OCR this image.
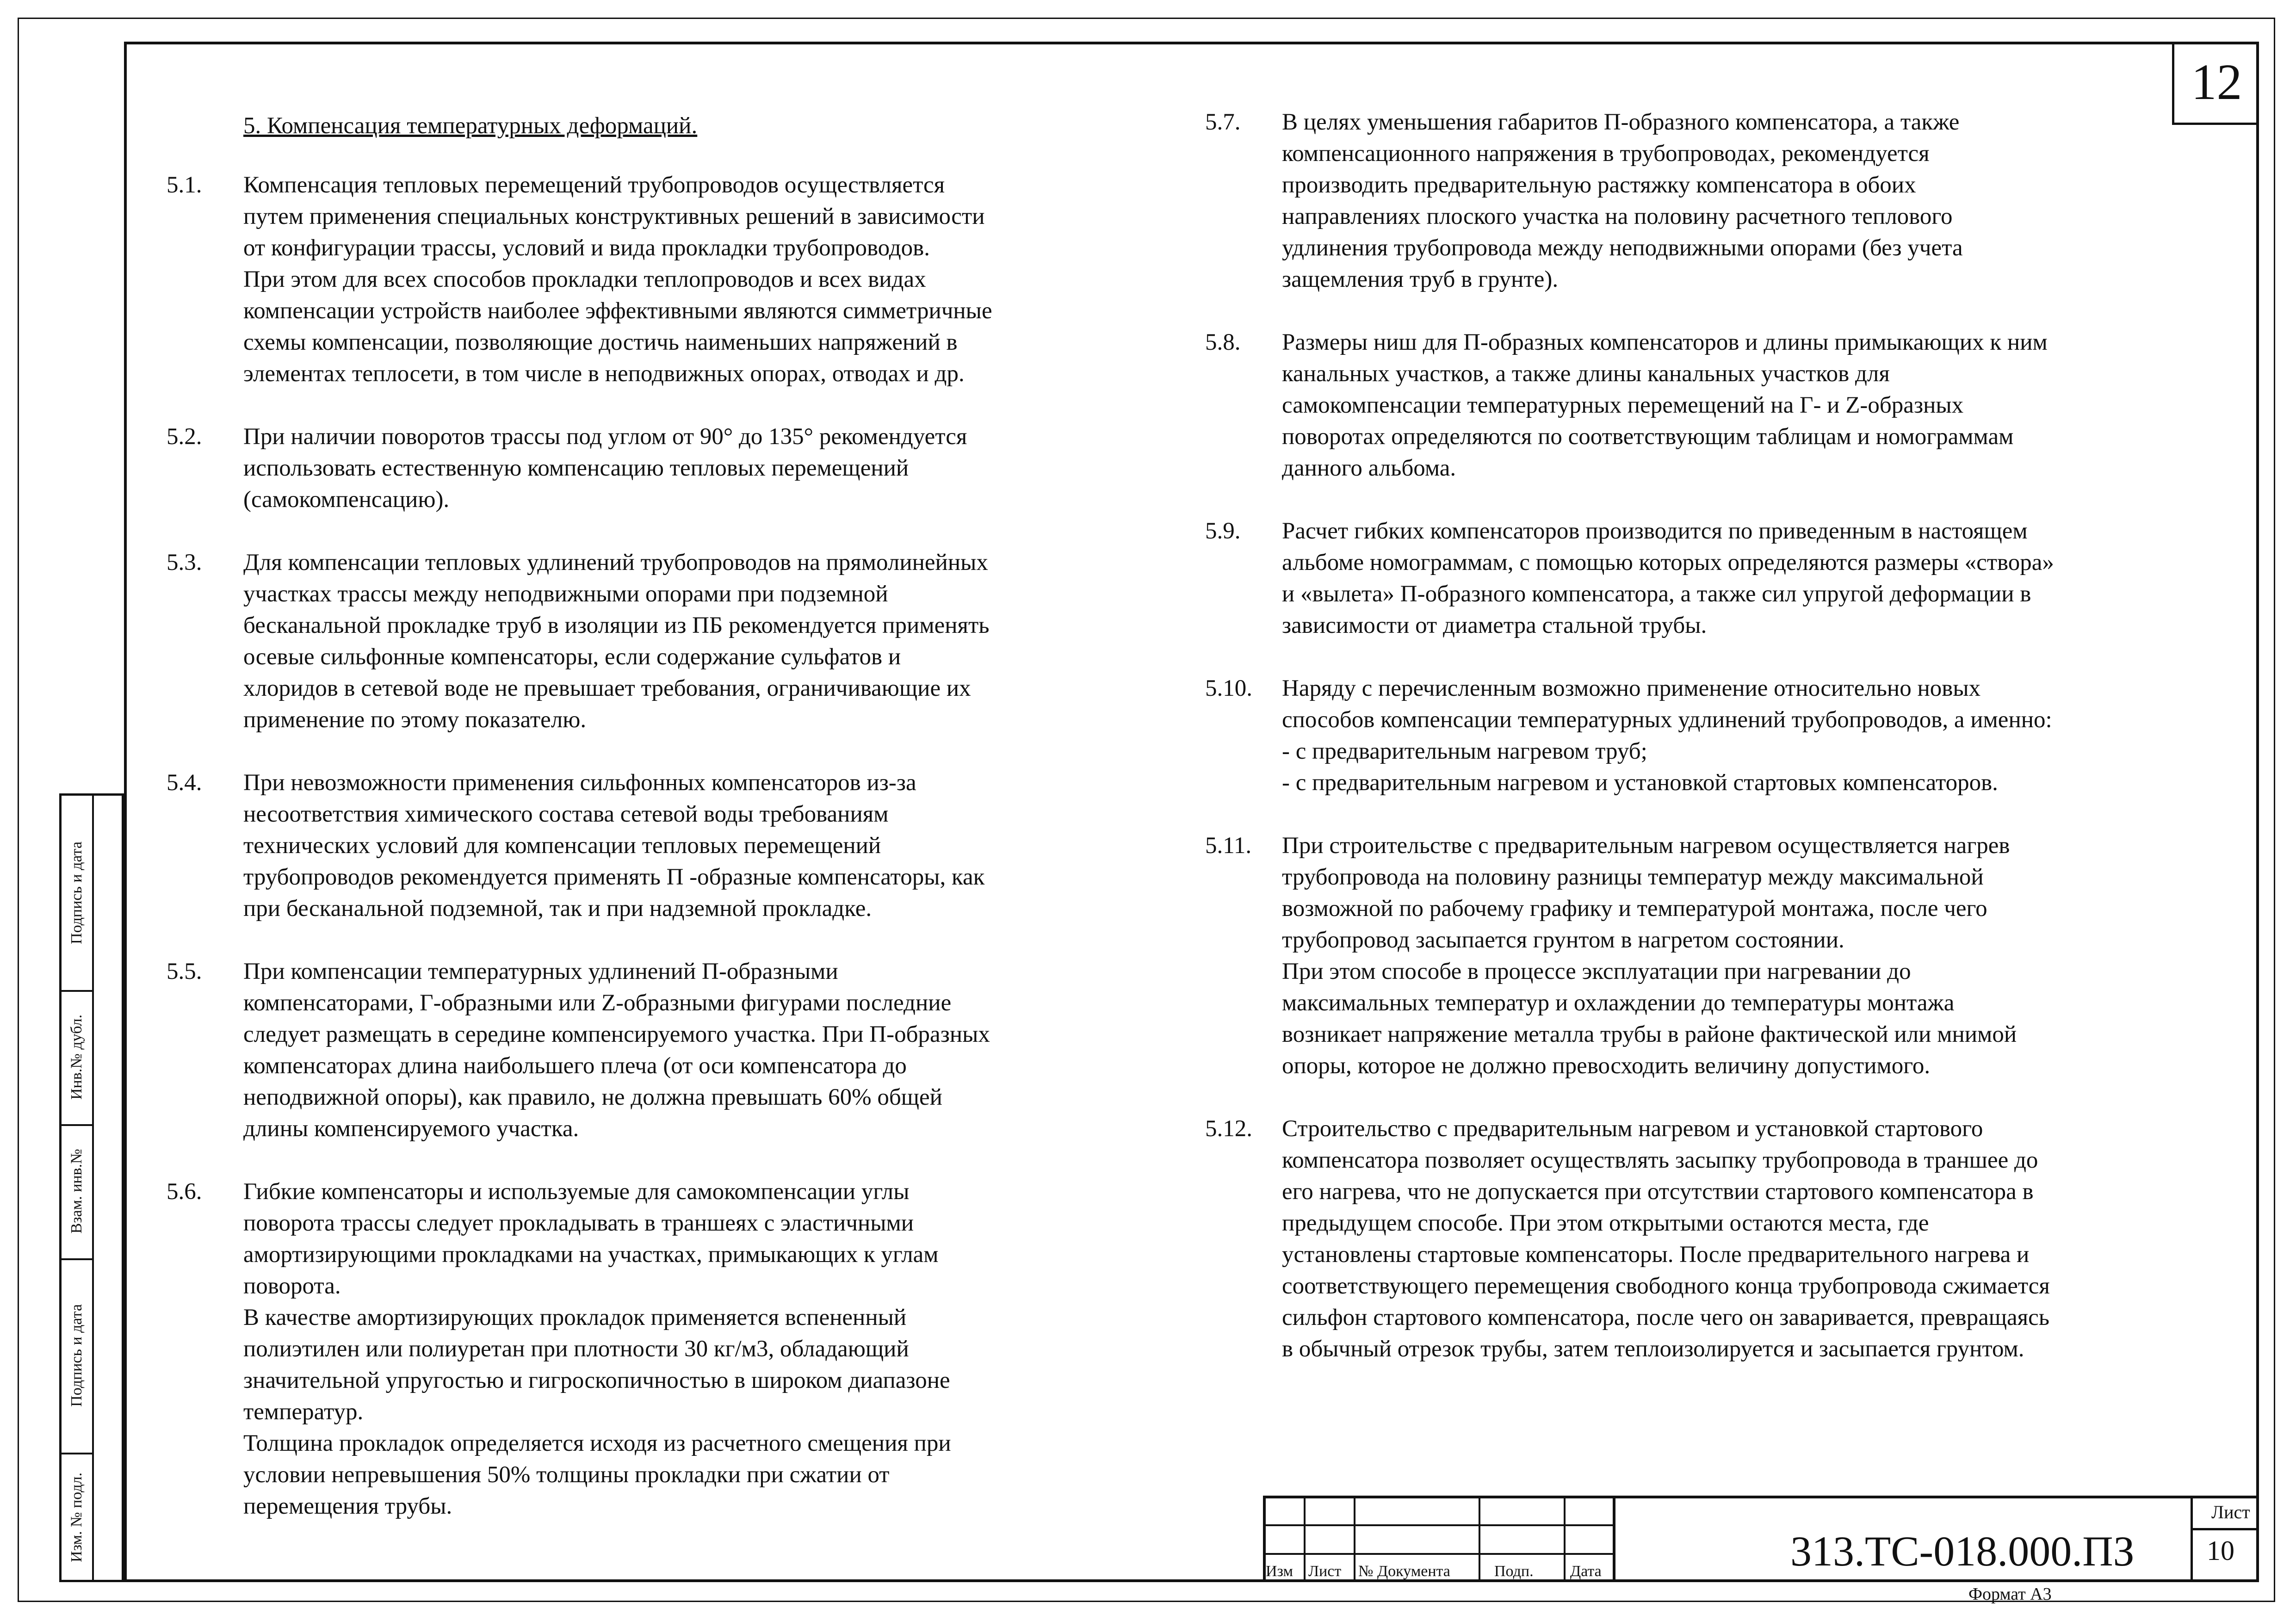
12
5. Компенсация температурных деформаций.
5.1. Компенсация тепловых перемещений трубопроводов осуществляется
путем применения специальных конструктивных решений в зависимости
от конфигурации трассы, условий и вида прокладки трубопроводов.
При этом для всех способов прокладки теплопроводов и всех видах
компенсации устройств наиболее эффективными являются симметричные
схемы компенсации, позволяющие достичь наименьших напряжений в
элементах теплосети, в том числе в неподвижных опорах, отводах и др.
5.2. При наличии поворотов трассы под углом от 90° до 135° рекомендуется
использовать естественную компенсацию тепловых перемещений
(самокомпенсацию).
5.3. Для компенсации тепловых удлинений трубопроводов на прямолинейных
участках трассы между неподвижными опорами при подземной
бесканальной прокладке труб в изоляции из ПБ рекомендуется применять
осевые сильфонные компенсаторы, если содержание сульфатов и
хлоридов в сетевой воде не превышает требования, ограничивающие их
применение по этому показателю.
5.4. При невозможности применения сильфонных компенсаторов из-за
несоответствия химического состава сетевой воды требованиям
технических условий для компенсации тепловых перемещений
трубопроводов рекомендуется применять П -образные компенсаторы, как
при бесканальной подземной, так и при надземной прокладке.
5.5. При компенсации температурных удлинений П-образными
компенсаторами, Г-образными или Z-образными фигурами последние
следует размещать в середине компенсируемого участка. При П-образных
компенсаторах длина наибольшего плеча (от оси компенсатора до
неподвижной опоры), как правило, не должна превышать 60% общей
длины компенсируемого участка.
5.6. Гибкие компенсаторы и используемые для самокомпенсации углы
поворота трассы следует прокладывать в траншеях с эластичными
амортизирующими прокладками на участках, примыкающих к углам
поворота.
В качестве амортизирующих прокладок применяется вспененный
полиэтилен или полиуретан при плотности 30 кг/м3, обладающий
значительной упругостью и гигроскопичностью в широком диапазоне
температур.
Толщина прокладок определяется исходя из расчетного смещения при
условии непревышения 50% толщины прокладки при сжатии от
перемещения трубы.
5.7. В целях уменьшения габаритов П-образного компенсатора, а также
компенсационного напряжения в трубопроводах, рекомендуется
производить предварительную растяжку компенсатора в обоих
направлениях плоского участка на половину расчетного теплового
удлинения трубопровода между неподвижными опорами (без учета
защемления труб в грунте).
5.8. Размеры ниш для П-образных компенсаторов и длины примыкающих к ним
канальных участков, а также длины канальных участков для
самокомпенсации температурных перемещений на Г- и Z-образных
поворотах определяются по соответствующим таблицам и номограммам
данного альбома.
5.9. Расчет гибких компенсаторов производится по приведенным в настоящем
альбоме номограммам, с помощью которых определяются размеры «створа»
и «вылета» П-образного компенсатора, а также сил упругой деформации в
зависимости от диаметра стальной трубы.
5.10. Наряду с перечисленным возможно применение относительно новых
способов компенсации температурных удлинений трубопроводов, а именно:
- с предварительным нагревом труб;
- с предварительным нагревом и установкой стартовых компенсаторов.
5.11. При строительстве с предварительным нагревом осуществляется нагрев
трубопровода на половину разницы температур между максимальной
возможной по рабочему графику и температурой монтажа, после чего
трубопровод засыпается грунтом в нагретом состоянии.
При этом способе в процессе эксплуатации при нагревании до
максимальных температур и охлаждении до температуры монтажа
возникает напряжение металла трубы в районе фактической или мнимой
опоры, которое не должно превосходить величину допустимого.
5.12. Строительство с предварительным нагревом и установкой стартового
компенсатора позволяет осуществлять засыпку трубопровода в траншее до
его нагрева, что не допускается при отсутствии стартового компенсатора в
предыдущем способе. При этом открытыми остаются места, где
установлены стартовые компенсаторы. После предварительного нагрева и
соответствующего перемещения свободного конца трубопровода сжимается
сильфон стартового компенсатора, после чего он заваривается, превращаясь
в обычный отрезок трубы, затем теплоизолируется и засыпается грунтом.
Подпись и дата
Инв.№ дубл.
Взам. инв.№
Подпись и дата
Изм. № подл.
Изм Лист № Документа	Подп. Дата	313.ТС-018.000.ПЗ
Лист
10
Формат А3
